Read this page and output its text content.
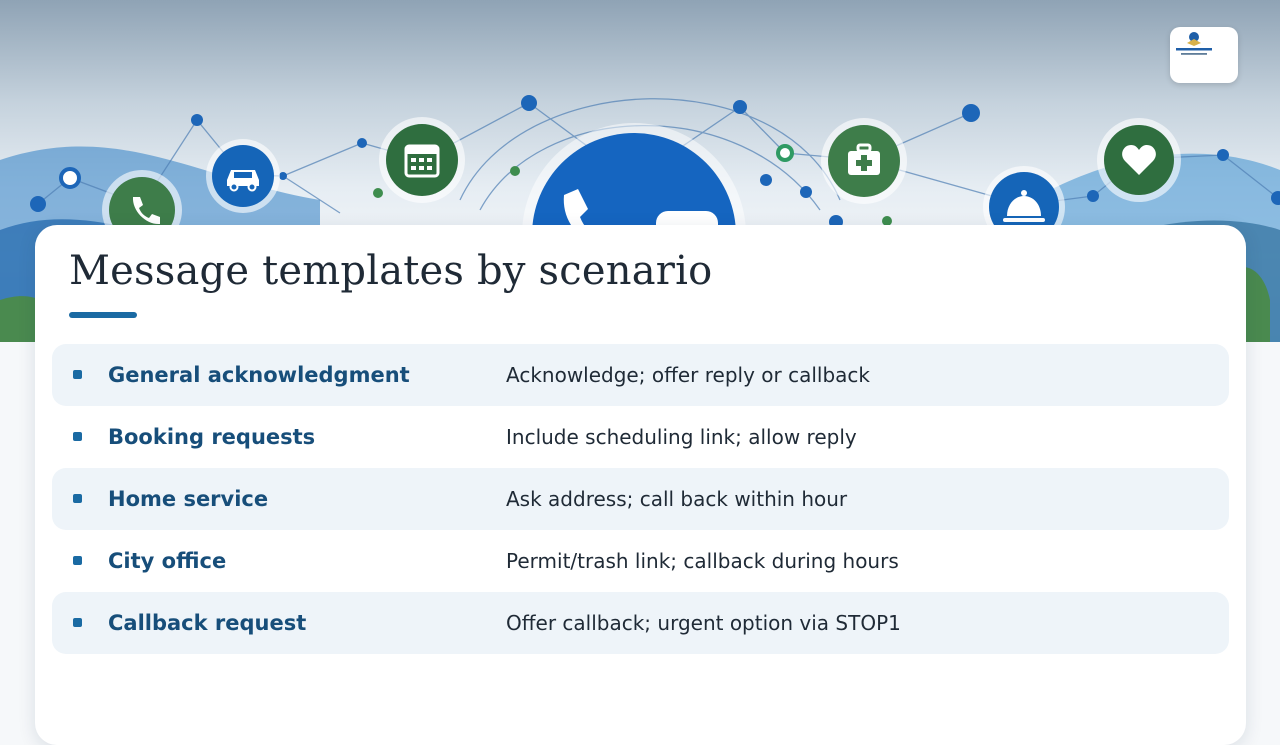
Message templates by scenario
General acknowledgment	Acknowledge; offer reply or callback
Booking requests	Include scheduling link; allow reply
Home service	Ask address; call back within hour
City office	Permit/trash link; callback during hours
Callback request	Offer callback; urgent option via STOP1
